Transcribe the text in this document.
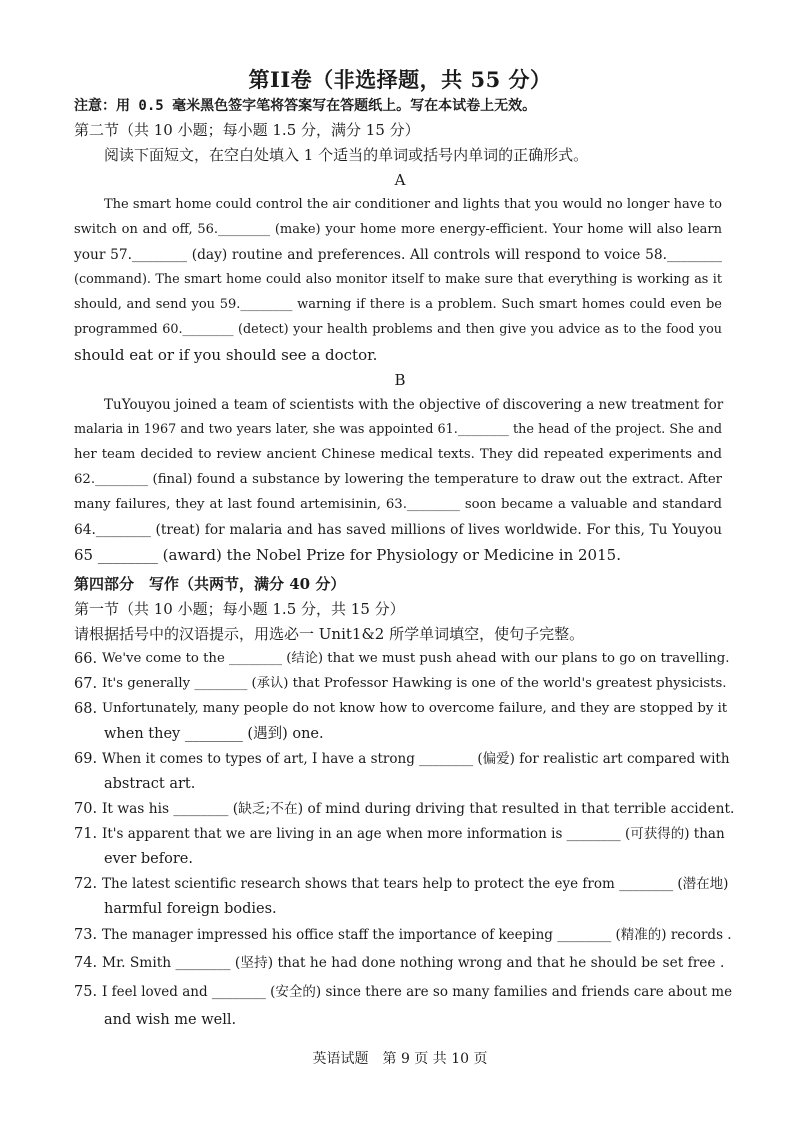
第II卷（非选择题，共 55 分）
注意：用 0.5 毫米黑色签字笔将答案写在答题纸上。写在本试卷上无效。
第二节（共 10 小题；每小题 1.5 分，满分 15 分）
阅读下面短文，在空白处填入 1 个适当的单词或括号内单词的正确形式。
A
The smart home could control the air conditioner and lights that you would no longer have to
switch on and off, 56.________ (make) your home more energy-efficient. Your home will also learn
your 57.________ (day) routine and preferences. All controls will respond to voice 58.________
(command). The smart home could also monitor itself to make sure that everything is working as it
should, and send you 59.________ warning if there is a problem. Such smart homes could even be
programmed 60.________ (detect) your health problems and then give you advice as to the food you
should eat or if you should see a doctor.
B
TuYouyou joined a team of scientists with the objective of discovering a new treatment for
malaria in 1967 and two years later, she was appointed 61.________ the head of the project. She and
her team decided to review ancient Chinese medical texts. They did repeated experiments and
62.________ (final) found a substance by lowering the temperature to draw out the extract. After
many failures, they at last found artemisinin, 63.________ soon became a valuable and standard
64.________ (treat) for malaria and has saved millions of lives worldwide. For this, Tu Youyou
65 ________ (award) the Nobel Prize for Physiology or Medicine in 2015.
第四部分　写作（共两节，满分 40 分）
第一节（共 10 小题；每小题 1.5 分，共 15 分）
请根据括号中的汉语提示，用选必一 Unit1&2 所学单词填空，使句子完整。
66. We've come to the ________ (结论) that we must push ahead with our plans to go on travelling.
67. It's generally ________ (承认) that Professor Hawking is one of the world's greatest physicists.
68. Unfortunately, many people do not know how to overcome failure, and they are stopped by it
when they ________ (遇到) one.
69. When it comes to types of art, I have a strong ________ (偏爱) for realistic art compared with
abstract art.
70. It was his ________ (缺乏;不在) of mind during driving that resulted in that terrible accident.
71. It's apparent that we are living in an age when more information is ________ (可获得的) than
ever before.
72. The latest scientific research shows that tears help to protect the eye from ________ (潜在地)
harmful foreign bodies.
73. The manager impressed his office staff the importance of keeping ________ (精准的) records .
74. Mr. Smith ________ (坚持) that he had done nothing wrong and that he should be set free .
75. I feel loved and ________ (安全的) since there are so many families and friends care about me
and wish me well.
英语试题　第 9 页 共 10 页
